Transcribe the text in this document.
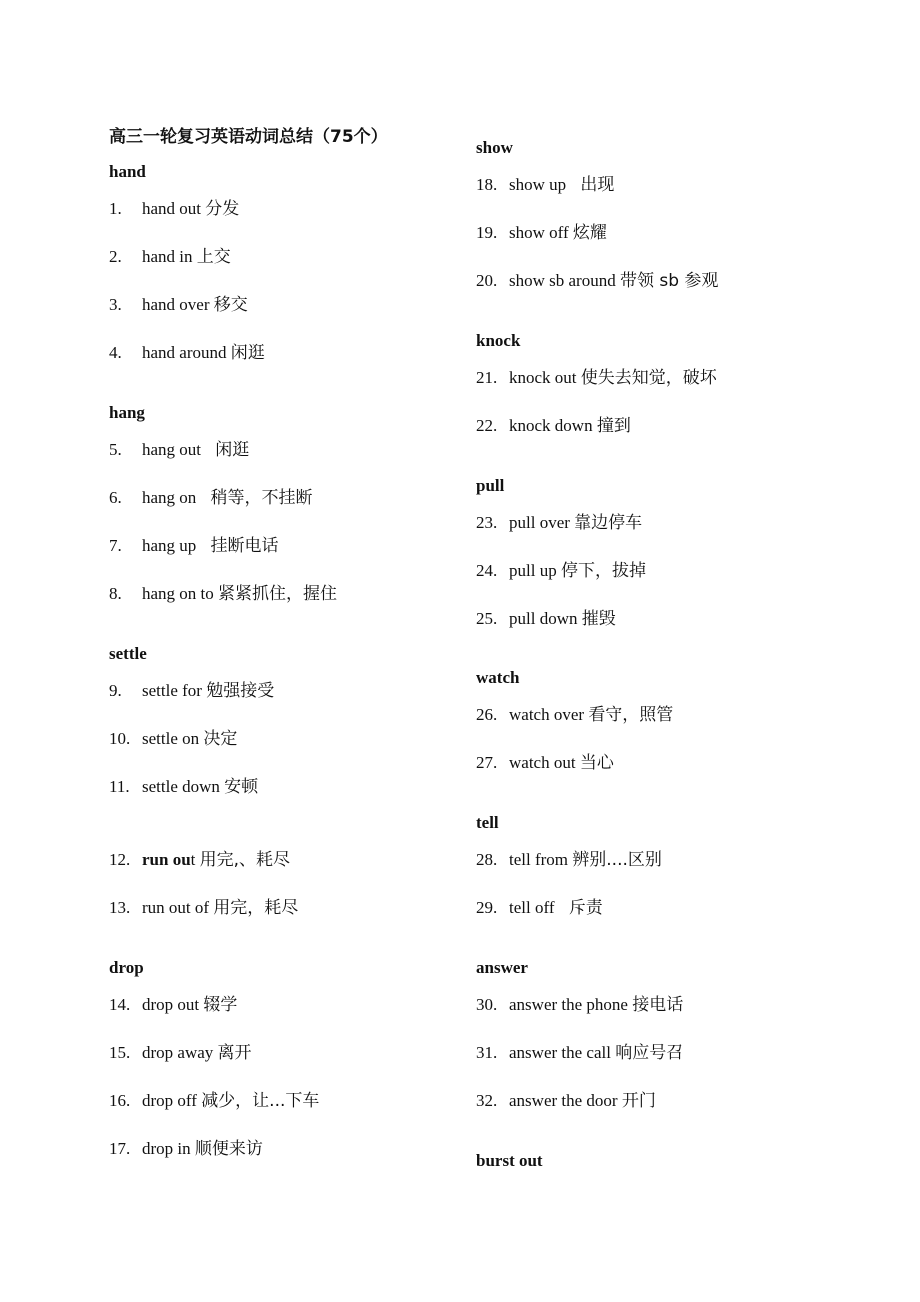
高三一轮复习英语动词总结（75个）
hand
1. hand out 分发
2. hand in 上交
3. hand over 移交
4. hand around 闲逛
hang
5. hang out 闲逛
6. hang on 稍等，不挂断
7. hang up 挂断电话
8. hang on to 紧紧抓住，握住
settle
9. settle for 勉强接受
10. settle on 决定
11. settle down 安顿
12. run out 用完,、耗尽
13. run out of 用完，耗尽
drop
14. drop out 辍学
15. drop away 离开
16. drop off 减少，让...下车
17. drop in 顺便来访
show
18. show up 出现
19. show off 炫耀
20. show sb around 带领 sb 参观
knock
21. knock out 使失去知觉，破坏
22. knock down 撞到
pull
23. pull over 靠边停车
24. pull up 停下，拔掉
25. pull down 摧毁
watch
26. watch over 看守，照管
27. watch out 当心
tell
28. tell from 辨别....区别
29. tell off 斥责
answer
30. answer the phone 接电话
31. answer the call 响应号召
32. answer the door 开门
burst out
